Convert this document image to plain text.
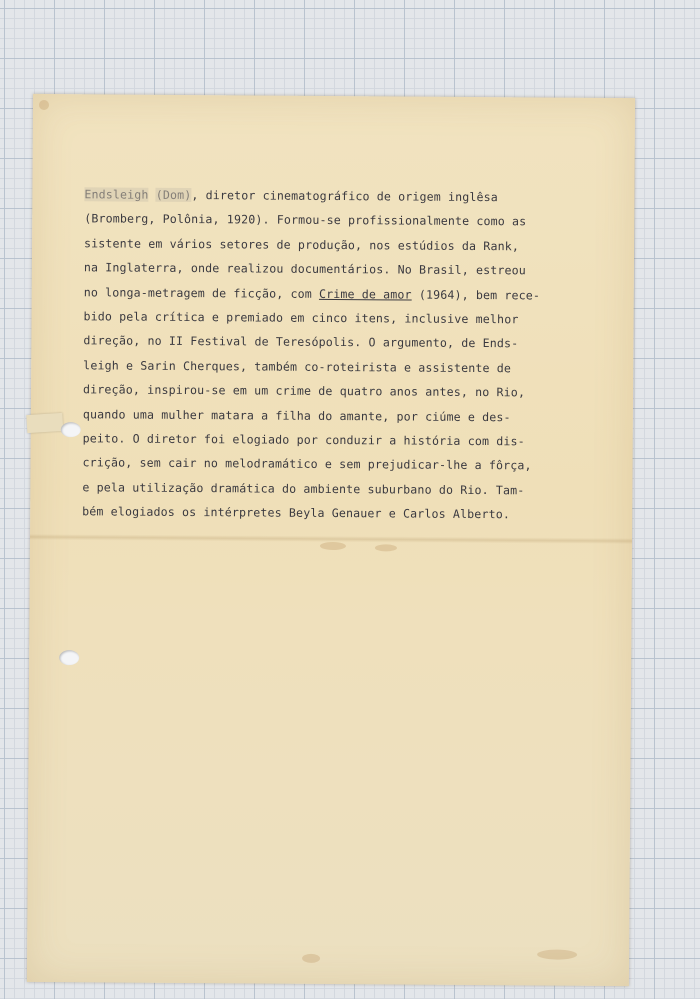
Endsleigh (Dom), diretor cinematográfico de origem inglêsa
(Bromberg, Polônia, 1920). Formou-se profissionalmente como as
sistente em vários setores de produção, nos estúdios da Rank,
na Inglaterra, onde realizou documentários. No Brasil, estreou
no longa-metragem de ficção, com Crime de amor (1964), bem rece-
bido pela crítica e premiado em cinco itens, inclusive melhor
direção, no II Festival de Teresópolis. O argumento, de Ends-
leigh e Sarin Cherques, também co-roteirista e assistente de
direção, inspirou-se em um crime de quatro anos antes, no Rio,
quando uma mulher matara a filha do amante, por ciúme e des-
peito. O diretor foi elogiado por conduzir a história com dis-
crição, sem cair no melodramático e sem prejudicar-lhe a fôrça,
e pela utilização dramática do ambiente suburbano do Rio. Tam-
bém elogiados os intérpretes Beyla Genauer e Carlos Alberto.
